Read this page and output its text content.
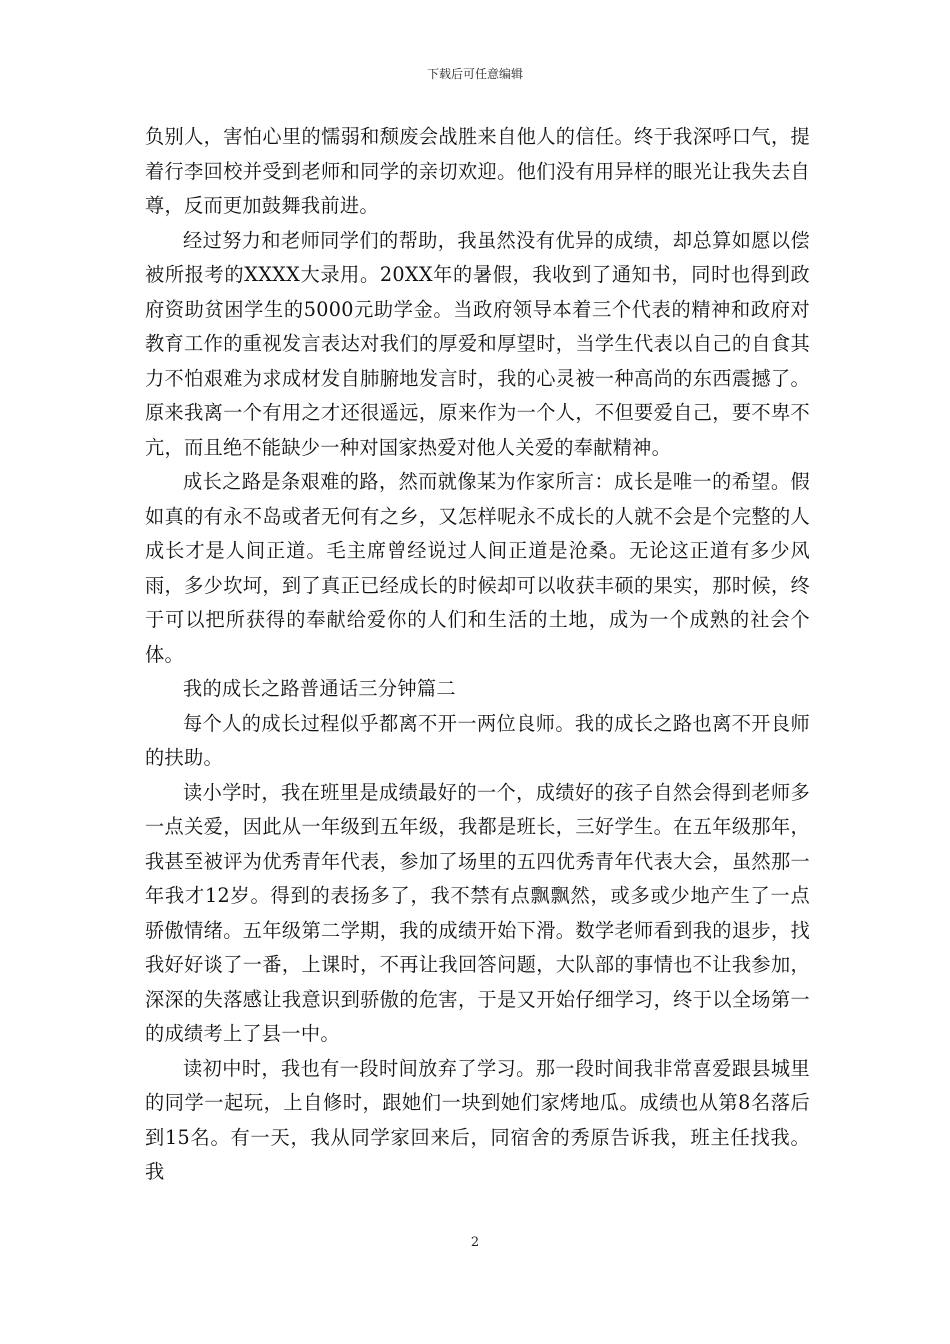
下载后可任意编辑

负别人，害怕心里的懦弱和颓废会战胜来自他人的信任。终于我深呼口气，提着行李回校并受到老师和同学的亲切欢迎。他们没有用异样的眼光让我失去自尊，反而更加鼓舞我前进。

经过努力和老师同学们的帮助，我虽然没有优异的成绩，却总算如愿以偿被所报考的XXXX大录用。20XX年的暑假，我收到了通知书，同时也得到政府资助贫困学生的5000元助学金。当政府领导本着三个代表的精神和政府对教育工作的重视发言表达对我们的厚爱和厚望时，当学生代表以自己的自食其力不怕艰难为求成材发自肺腑地发言时，我的心灵被一种高尚的东西震撼了。原来我离一个有用之才还很遥远，原来作为一个人，不但要爱自己，要不卑不亢，而且绝不能缺少一种对国家热爱对他人关爱的奉献精神。

成长之路是条艰难的路，然而就像某为作家所言：成长是唯一的希望。假如真的有永不岛或者无何有之乡，又怎样呢永不成长的人就不会是个完整的人成长才是人间正道。毛主席曾经说过人间正道是沧桑。无论这正道有多少风雨，多少坎坷，到了真正已经成长的时候却可以收获丰硕的果实，那时候，终于可以把所获得的奉献给爱你的人们和生活的土地，成为一个成熟的社会个体。

我的成长之路普通话三分钟篇二

每个人的成长过程似乎都离不开一两位良师。我的成长之路也离不开良师的扶助。

读小学时，我在班里是成绩最好的一个，成绩好的孩子自然会得到老师多一点关爱，因此从一年级到五年级，我都是班长，三好学生。在五年级那年，我甚至被评为优秀青年代表，参加了场里的五四优秀青年代表大会，虽然那一年我才12岁。得到的表扬多了，我不禁有点飘飘然，或多或少地产生了一点骄傲情绪。五年级第二学期，我的成绩开始下滑。数学老师看到我的退步，找我好好谈了一番，上课时，不再让我回答问题，大队部的事情也不让我参加，深深的失落感让我意识到骄傲的危害，于是又开始仔细学习，终于以全场第一的成绩考上了县一中。

读初中时，我也有一段时间放弃了学习。那一段时间我非常喜爱跟县城里的同学一起玩，上自修时，跟她们一块到她们家烤地瓜。成绩也从第8名落后到15名。有一天，我从同学家回来后，同宿舍的秀原告诉我，班主任找我。我

2
